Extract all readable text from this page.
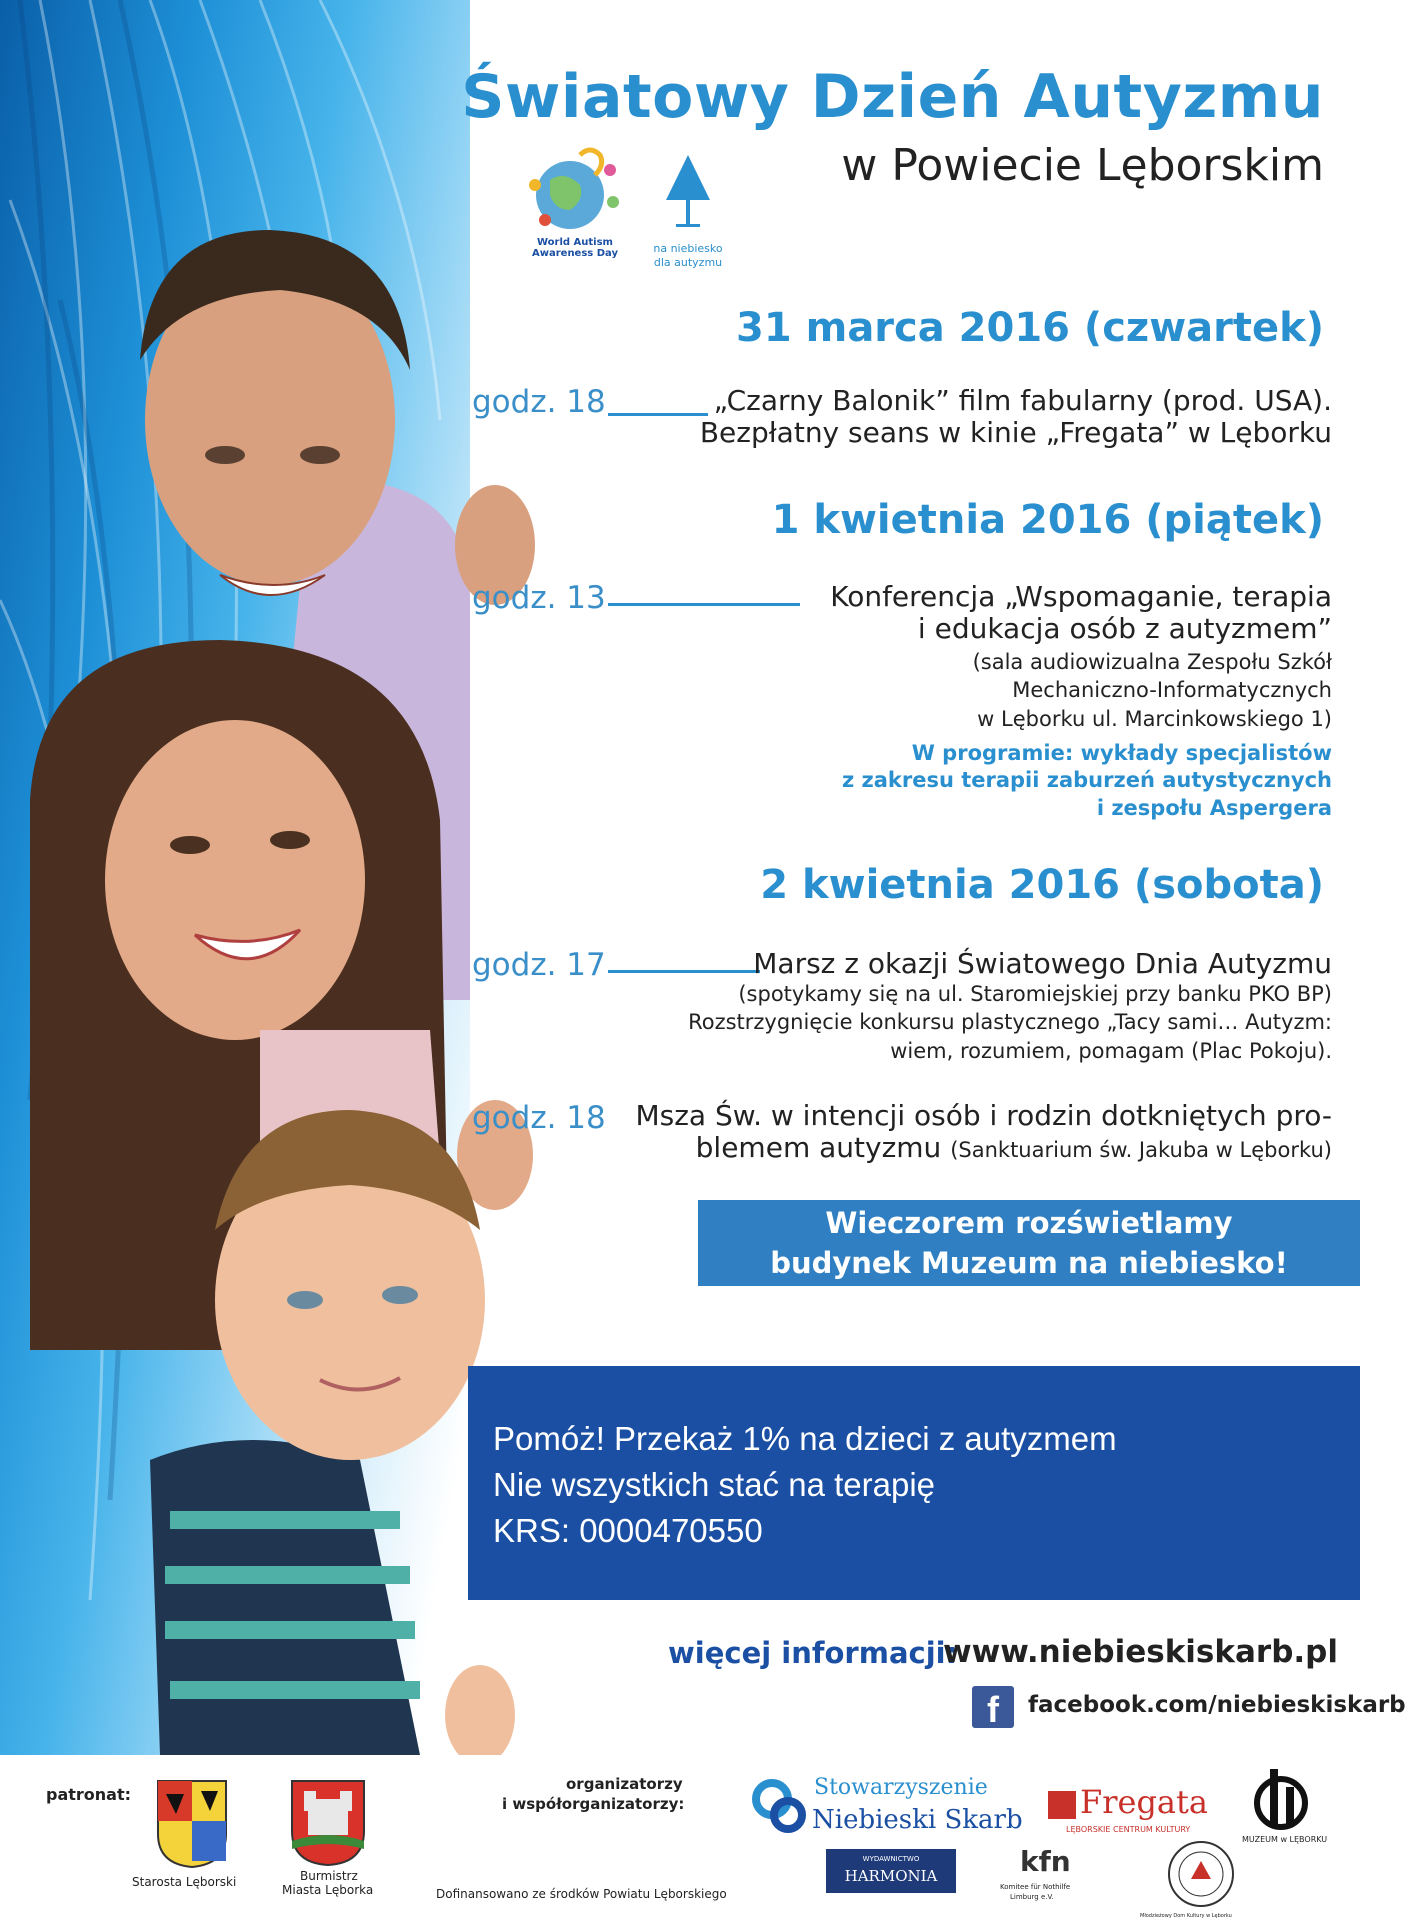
Światowy Dzień Autyzmu
w Powiecie Lęborskim
World Autism Awareness Day	na niebiesko
dla autyzmu
31 marca 2016 (czwartek)
godz. 18	„Czarny Balonik” film fabularny (prod. USA).
Bezpłatny seans w kinie „Fregata” w Lęborku
1 kwietnia 2016 (piątek)
godz. 13	Konferencja „Wspomaganie, terapia
i edukacja osób z autyzmem”
(sala audiowizualna Zespołu Szkół
Mechaniczno-Informatycznych
w Lęborku ul. Marcinkowskiego 1)
W programie: wykłady specjalistów
z zakresu terapii zaburzeń autystycznych
i zespołu Aspergera
2 kwietnia 2016 (sobota)
godz. 17	Marsz z okazji Światowego Dnia Autyzmu
(spotykamy się na ul. Staromiejskiej przy banku PKO BP)
Rozstrzygnięcie konkursu plastycznego „Tacy sami… Autyzm:
wiem, rozumiem, pomagam (Plac Pokoju).
godz. 18 Msza Św. w intencji osób i rodzin dotkniętych pro-
blemem autyzmu (Sanktuarium św. Jakuba w Lęborku)
Wieczorem rozświetlamy
budynek Muzeum na niebiesko!
Pomóż! Przekaż 1% na dzieci z autyzmem
Nie wszystkich stać na terapię
KRS: 0000470550
więcej informacji:
www.niebieskiskarb.pl
f	facebook.com/niebieskiskarb
patronat:
Starosta Lęborski	Burmistrz
Miasta Lęborka
organizatorzy
i współorganizatorzy:
Dofinansowano ze środków Powiatu Lęborskiego
Stowarzyszenie
Niebieski Skarb Fregata
LĘBORSKIE CENTRUM KULTURY
MUZEUM w LĘBORKU
WYDAWNICTWO
HARMONIA	kfn
Komitee für Nothilfe
Limburg e.V.
Młodzieżowy Dom Kultury w Lęborku
